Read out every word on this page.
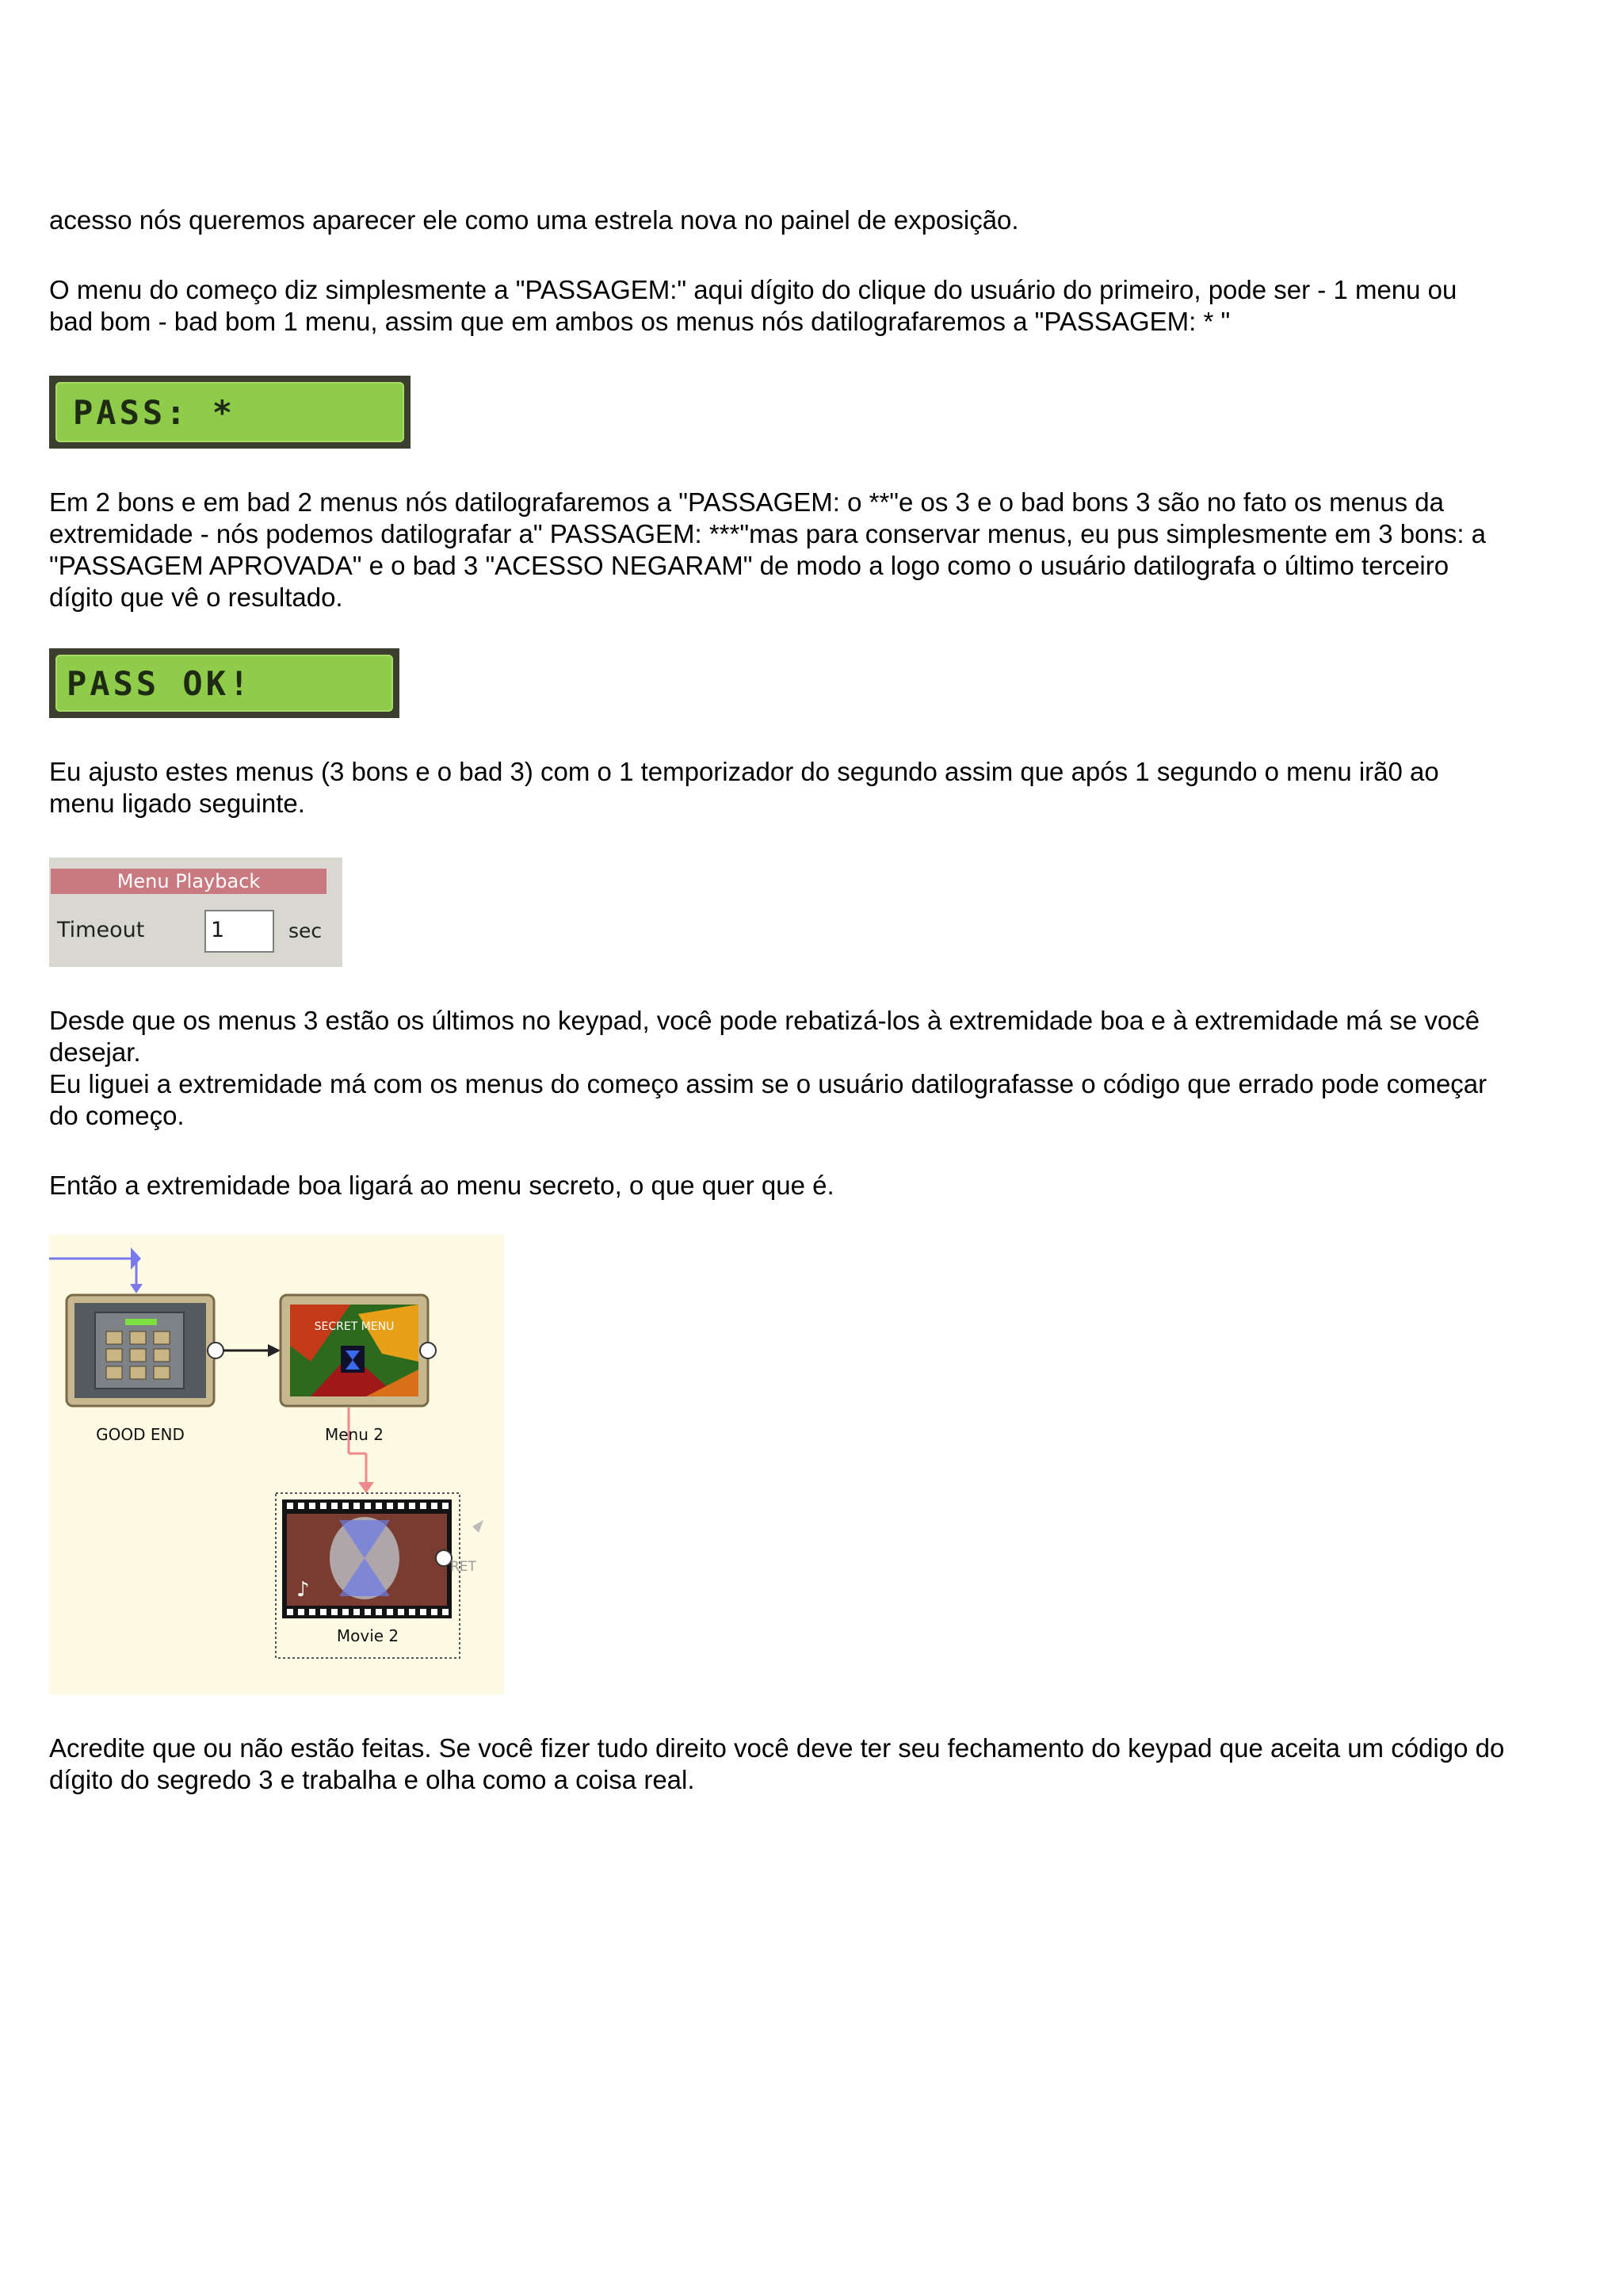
acesso nós queremos aparecer ele como uma estrela nova no painel de exposição.

O menu do começo diz simplesmente a "PASSAGEM:" aqui dígito do clique do usuário do primeiro, pode ser - 1 menu ou
bad bom - bad bom 1 menu, assim que em ambos os menus nós datilografaremos a "PASSAGEM: * "

PASS: *

Em 2 bons e em bad 2 menus nós datilografaremos a "PASSAGEM: o **"e os 3 e o bad bons 3 são no fato os menus da
extremidade - nós podemos datilografar a" PASSAGEM: ***"mas para conservar menus, eu pus simplesmente em 3 bons: a
"PASSAGEM APROVADA" e o bad 3 "ACESSO NEGARAM" de modo a logo como o usuário datilografa o último terceiro
dígito que vê o resultado.

PASS OK!

Eu ajusto estes menus (3 bons e o bad 3) com o 1 temporizador do segundo assim que após 1 segundo o menu irã0 ao
menu ligado seguinte.

Menu Playback
Timeout	1	sec

Desde que os menus 3 estão os últimos no keypad, você pode rebatizá-los à extremidade boa e à extremidade má se você
desejar.
Eu liguei a extremidade má com os menus do começo assim se o usuário datilografasse o código que errado pode começar
do começo.

Então a extremidade boa ligará ao menu secreto, o que quer que é.

SECRET MENU
♪
RET
GOOD END	Menu 2
Movie 2

Acredite que ou não estão feitas. Se você fizer tudo direito você deve ter seu fechamento do keypad que aceita um código do
dígito do segredo 3 e trabalha e olha como a coisa real.
